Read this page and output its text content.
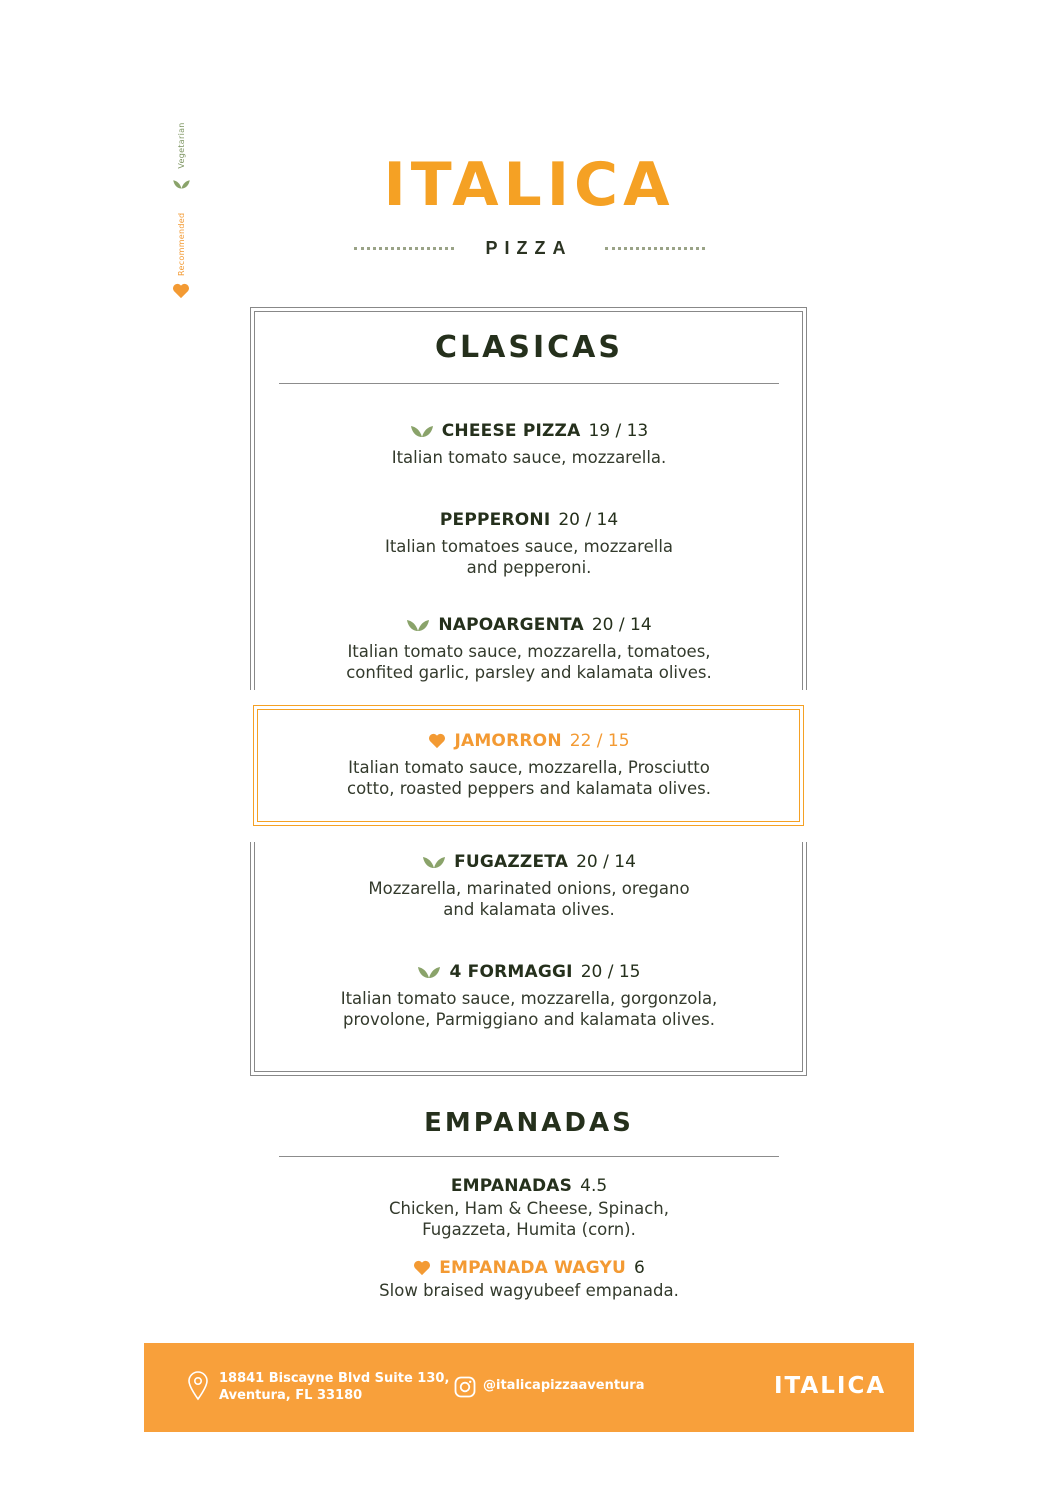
Recommended
Vegetarian
ITALICA
PIZZA
CLASICAS
CHEESE PIZZA 19 / 13
Italian tomato sauce, mozzarella.
PEPPERONI 20 / 14
Italian tomatoes sauce, mozzarella
and pepperoni.
NAPOARGENTA 20 / 14
Italian tomato sauce, mozzarella, tomatoes,
confited garlic, parsley and kalamata olives.
JAMORRON 22 / 15
Italian tomato sauce, mozzarella, Prosciutto
cotto, roasted peppers and kalamata olives.
FUGAZZETA 20 / 14
Mozzarella, marinated onions, oregano
and kalamata olives.
4 FORMAGGI 20 / 15
Italian tomato sauce, mozzarella, gorgonzola,
provolone, Parmiggiano and kalamata olives.
EMPANADAS
EMPANADAS 4.5
Chicken, Ham & Cheese, Spinach,
Fugazzeta, Humita (corn).
EMPANADA WAGYU 6
Slow braised wagyubeef empanada.
18841 Biscayne Blvd Suite 130,
Aventura, FL 33180
@italicapizzaaventura	ITALICA
